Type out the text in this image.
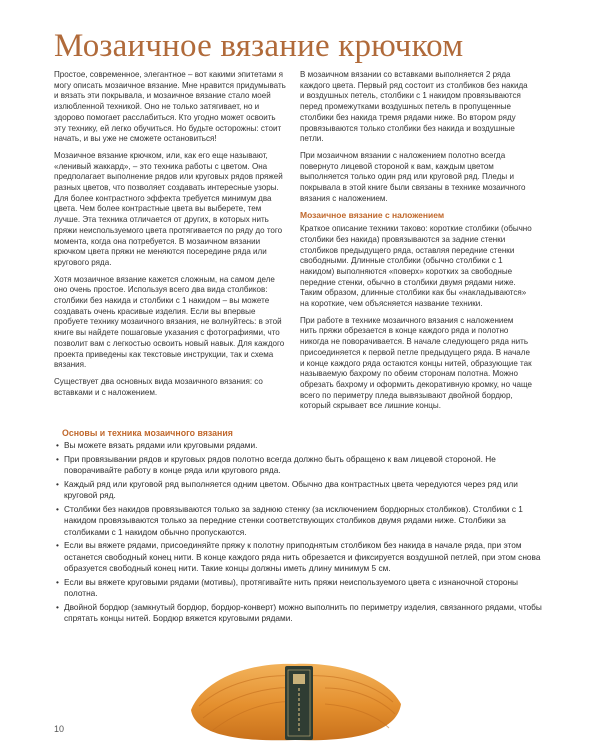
Мозаичное вязание крючком

Простое, современное, элегантное – вот какими эпитетами я могу описать мозаичное вязание. Мне нравится придумывать и вязать эти покрывала, и мозаичное вязание стало моей излюбленной техникой. Оно не только затягивает, но и здорово помогает расслабиться. Кто угодно может освоить эту технику, ей легко обучиться. Но будьте осторожны: стоит начать, и вы уже не сможете остановиться!

Мозаичное вязание крючком, или, как его еще называют, «ленивый жаккард», – это техника работы с цветом. Она предполагает выполнение рядов или круговых рядов пряжей разных цветов, что позволяет создавать интересные узоры. Для более контрастного эффекта требуется минимум два цвета. Чем более контрастные цвета вы выберете, тем лучше. Эта техника отличается от других, в которых нить пряжи неиспользуемого цвета протягивается по ряду до того момента, когда она потребуется. В мозаичном вязании крючком цвета пряжи не меняются посередине ряда или кругового ряда.

Хотя мозаичное вязание кажется сложным, на самом деле оно очень простое. Используя всего два вида столбиков: столбики без накида и столбики с 1 накидом – вы можете создавать очень красивые изделия. Если вы впервые пробуете технику мозаичного вязания, не волнуйтесь: в этой книге вы найдете пошаговые указания с фотографиями, что позволит вам с легкостью освоить новый навык. Для каждого проекта приведены как текстовые инструкции, так и схема вязания.

Существует два основных вида мозаичного вязания: со вставками и с наложением.

В мозаичном вязании со вставками выполняется 2 ряда каждого цвета. Первый ряд состоит из столбиков без накида и воздушных петель, столбики с 1 накидом провязываются перед промежутками воздушных петель в пропущенные столбики без накида тремя рядами ниже. Во втором ряду провязываются только столбики без накида и воздушные петли.

При мозаичном вязании с наложением полотно всегда повернуто лицевой стороной к вам, каждым цветом выполняется только один ряд или круговой ряд. Пледы и покрывала в этой книге были связаны в технике мозаичного вязания с наложением.

Мозаичное вязание с наложением

Краткое описание техники таково: короткие столбики (обычно столбики без накида) провязываются за задние стенки столбиков предыдущего ряда, оставляя передние стенки свободными. Длинные столбики (обычно столбики с 1 накидом) выполняются «поверх» коротких за свободные передние стенки, обычно в столбики двумя рядами ниже. Таким образом, длинные столбики как бы «накладываются» на короткие, чем объясняется название техники.

При работе в технике мозаичного вязания с наложением нить пряжи обрезается в конце каждого ряда и полотно никогда не поворачивается. В начале следующего ряда нить присоединяется к первой петле предыдущего ряда. В начале и конце каждого ряда остаются концы нитей, образующие так называемую бахрому по обеим сторонам полотна. Можно обрезать бахрому и оформить декоративную кромку, но чаще всего по периметру пледа вывязывают двойной бордюр, который скрывает все лишние концы.

Основы и техника мозаичного вязания
• Вы можете вязать рядами или круговыми рядами.
• При провязывании рядов и круговых рядов полотно всегда должно быть обращено к вам лицевой стороной. Не поворачивайте работу в конце ряда или кругового ряда.
• Каждый ряд или круговой ряд выполняется одним цветом. Обычно два контрастных цвета чередуются через ряд или круговой ряд.
• Столбики без накидов провязываются только за заднюю стенку (за исключением бордюрных столбиков). Столбики с 1 накидом провязываются только за передние стенки соответствующих столбиков двумя рядами ниже. Столбики за столбиками с 1 накидом обычно пропускаются.
• Если вы вяжете рядами, присоединяйте пряжу к полотну приподнятым столбиком без накида в начале ряда, при этом останется свободный конец нити. В конце каждого ряда нить обрезается и фиксируется воздушной петлей, при этом снова образуется свободный конец нити. Такие концы должны иметь длину минимум 5 см.
• Если вы вяжете круговыми рядами (мотивы), протягивайте нить пряжи неиспользуемого цвета с изнаночной стороны полотна.
• Двойной бордюр (замкнутый бордюр, бордюр-конверт) можно выполнить по периметру изделия, связанного рядами, чтобы спрятать концы нитей. Бордюр вяжется круговыми рядами.
10
